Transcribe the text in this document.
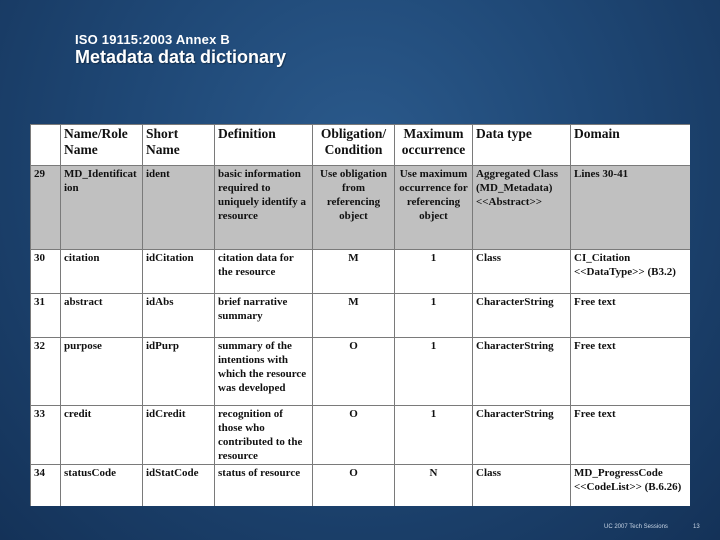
ISO 19115:2003 Annex B
Metadata data dictionary
	Name/Role Name	Short Name	Definition	Obligation/ Condition	Maximum occurrence	Data type	Domain
29	MD_Identification	ident	basic information required to uniquely identify a resource	Use obligation from referencing object	Use maximum occurrence for referencing object	Aggregated Class (MD_Metadata) <<Abstract>>	Lines 30-41
30	citation	idCitation	citation data for the resource	M	1	Class	CI_Citation <<DataType>> (B3.2)
31	abstract	idAbs	brief narrative summary	M	1	CharacterString	Free text
32	purpose	idPurp	summary of the intentions with which the resource was developed	O	1	CharacterString	Free text
33	credit	idCredit	recognition of those who contributed to the resource	O	1	CharacterString	Free text
34	statusCode	idStatCode	status of resource	O	N	Class	MD_ProgressCode <<CodeList>> (B.6.26)
UC 2007 Tech Sessions	13
